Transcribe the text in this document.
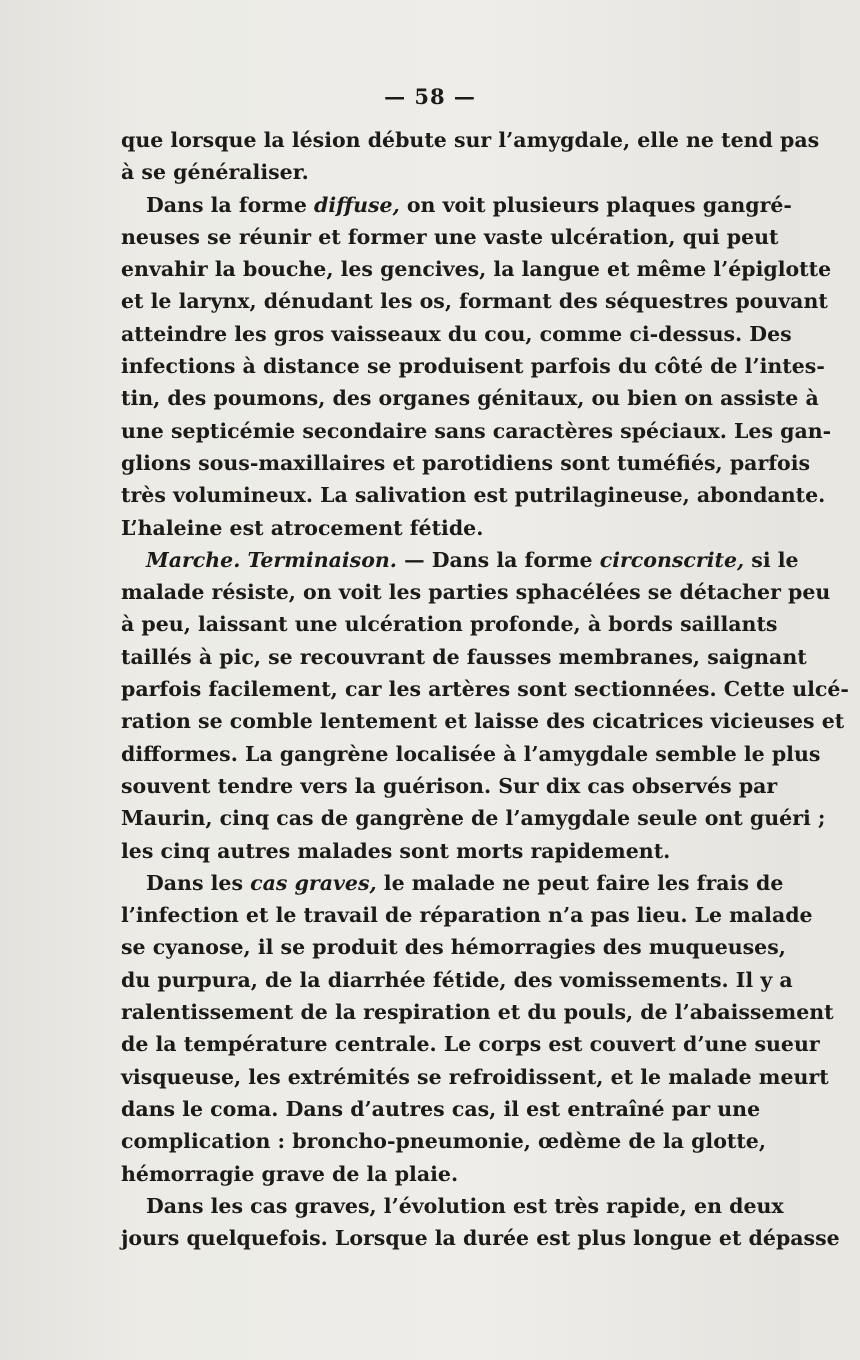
— 58 —
que lorsque la lésion débute sur l’amygdale, elle ne tend pas
à se généraliser.
Dans la forme diffuse, on voit plusieurs plaques gangré-
neuses se réunir et former une vaste ulcération, qui peut
envahir la bouche, les gencives, la langue et même l’épiglotte
et le larynx, dénudant les os, formant des séquestres pouvant
atteindre les gros vaisseaux du cou, comme ci-dessus. Des
infections à distance se produisent parfois du côté de l’intes-
tin, des poumons, des organes génitaux, ou bien on assiste à
une septicémie secondaire sans caractères spéciaux. Les gan-
glions sous-maxillaires et parotidiens sont tuméfiés, parfois
très volumineux. La salivation est putrilagineuse, abondante.
L’haleine est atrocement fétide.
Marche. Terminaison. — Dans la forme circonscrite, si le
malade résiste, on voit les parties sphacélées se détacher peu
à peu, laissant une ulcération profonde, à bords saillants
taillés à pic, se recouvrant de fausses membranes, saignant
parfois facilement, car les artères sont sectionnées. Cette ulcé-
ration se comble lentement et laisse des cicatrices vicieuses et
difformes. La gangrène localisée à l’amygdale semble le plus
souvent tendre vers la guérison. Sur dix cas observés par
Maurin, cinq cas de gangrène de l’amygdale seule ont guéri ;
les cinq autres malades sont morts rapidement.
Dans les cas graves, le malade ne peut faire les frais de
l’infection et le travail de réparation n’a pas lieu. Le malade
se cyanose, il se produit des hémorragies des muqueuses,
du purpura, de la diarrhée fétide, des vomissements. Il y a
ralentissement de la respiration et du pouls, de l’abaissement
de la température centrale. Le corps est couvert d’une sueur
visqueuse, les extrémités se refroidissent, et le malade meurt
dans le coma. Dans d’autres cas, il est entraîné par une
complication : broncho-pneumonie, œdème de la glotte,
hémorragie grave de la plaie.
Dans les cas graves, l’évolution est très rapide, en deux
jours quelquefois. Lorsque la durée est plus longue et dépasse
